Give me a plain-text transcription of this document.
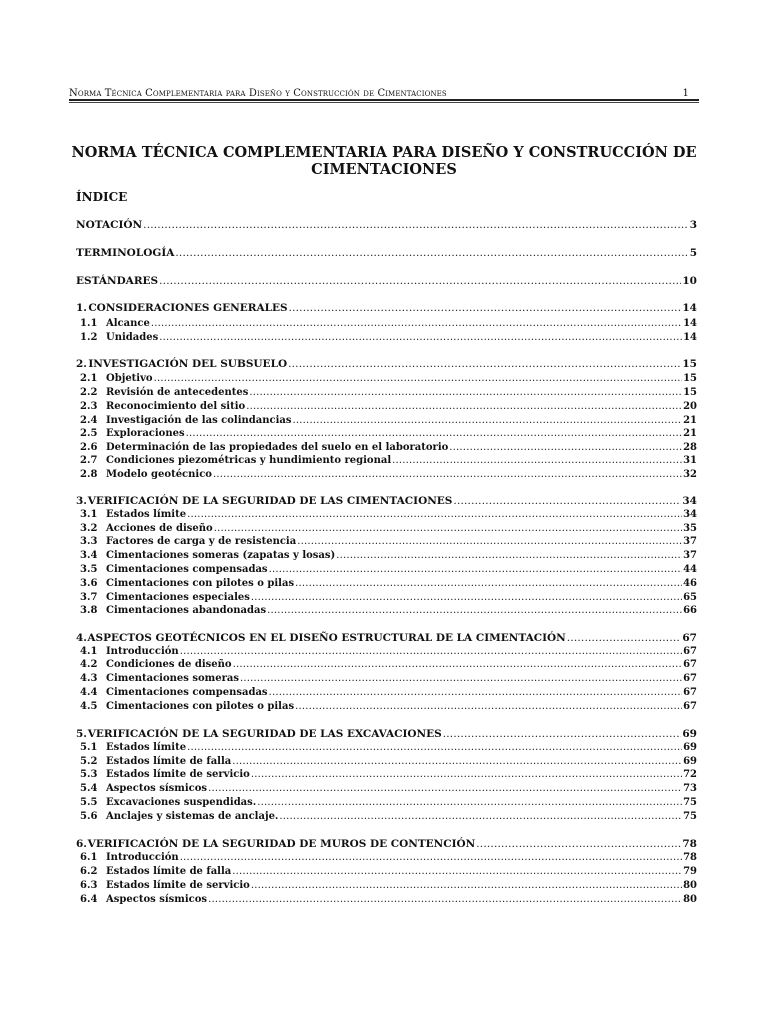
Norma Técnica Complementaria para Diseño y Construcción de Cimentaciones	1
NORMA TÉCNICA COMPLEMENTARIA PARA DISEÑO Y CONSTRUCCIÓN DE CIMENTACIONES
ÍNDICE
NOTACIÓN .....	3
TERMINOLOGÍA .....	5
ESTÁNDARES .....	10
1. CONSIDERACIONES GENERALES .....	14
1.1 Alcance .....	14
1.2 Unidades .....	14
2. INVESTIGACIÓN DEL SUBSUELO .....	15
2.1 Objetivo .....	15
2.2 Revisión de antecedentes .....	15
2.3 Reconocimiento del sitio .....	20
2.4 Investigación de las colindancias .....	21
2.5 Exploraciones .....	21
2.6 Determinación de las propiedades del suelo en el laboratorio .....	28
2.7 Condiciones piezométricas y hundimiento regional .....	31
2.8 Modelo geotécnico .....	32
3. VERIFICACIÓN DE LA SEGURIDAD DE LAS CIMENTACIONES .....	34
3.1 Estados límite .....	34
3.2 Acciones de diseño .....	35
3.3 Factores de carga y de resistencia .....	37
3.4 Cimentaciones someras (zapatas y losas) .....	37
3.5 Cimentaciones compensadas .....	44
3.6 Cimentaciones con pilotes o pilas .....	46
3.7 Cimentaciones especiales .....	65
3.8 Cimentaciones abandonadas .....	66
4. ASPECTOS GEOTÉCNICOS EN EL DISEÑO ESTRUCTURAL DE LA CIMENTACIÓN .....	67
4.1 Introducción .....	67
4.2 Condiciones de diseño .....	67
4.3 Cimentaciones someras .....	67
4.4 Cimentaciones compensadas .....	67
4.5 Cimentaciones con pilotes o pilas .....	67
5. VERIFICACIÓN DE LA SEGURIDAD DE LAS EXCAVACIONES .....	69
5.1 Estados límite .....	69
5.2 Estados límite de falla .....	69
5.3 Estados límite de servicio .....	72
5.4 Aspectos sísmicos .....	73
5.5 Excavaciones suspendidas. .....	75
5.6 Anclajes y sistemas de anclaje. .....	75
6. VERIFICACIÓN DE LA SEGURIDAD DE MUROS DE CONTENCIÓN .....	78
6.1 Introducción .....	78
6.2 Estados límite de falla .....	79
6.3 Estados límite de servicio .....	80
6.4 Aspectos sísmicos .....	80
